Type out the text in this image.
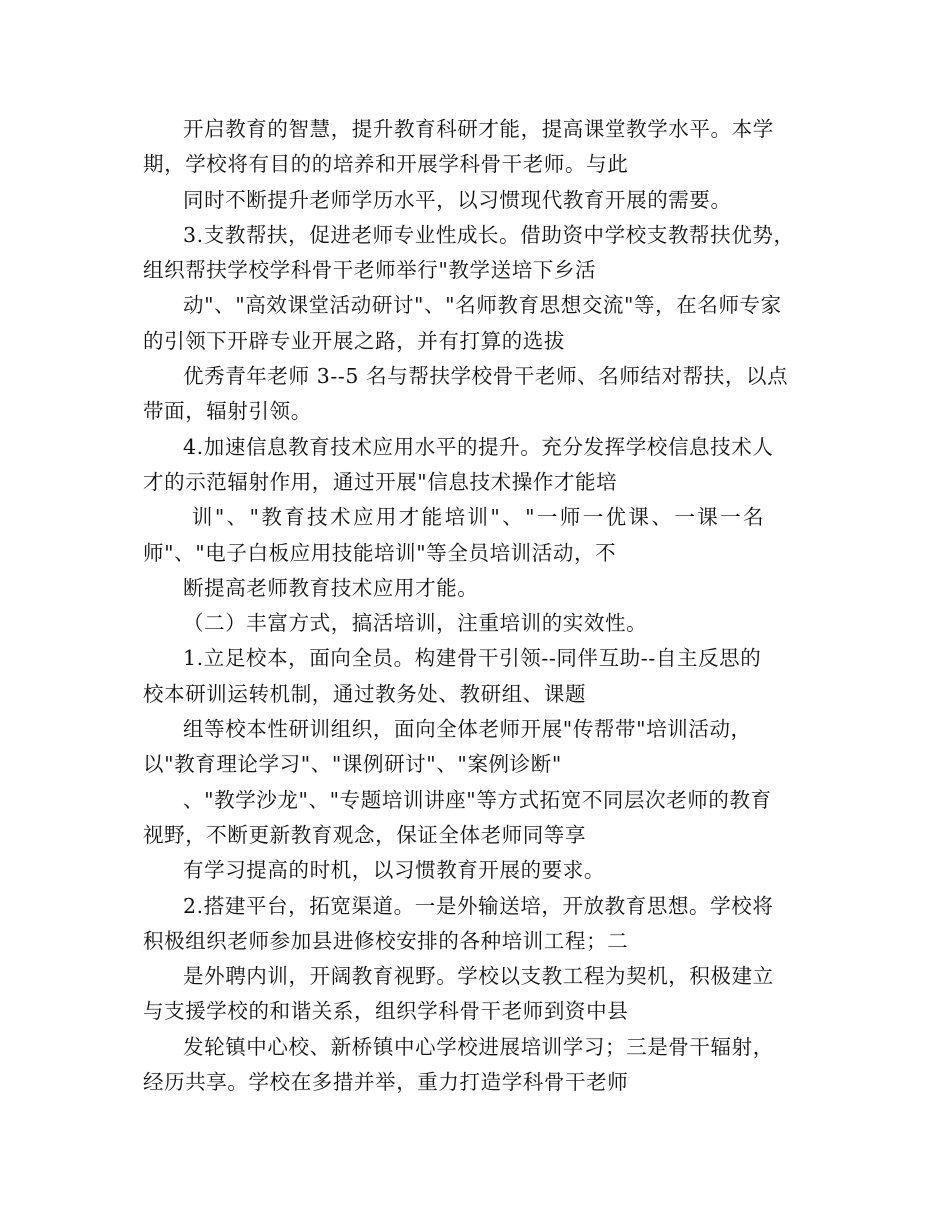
开启教育的智慧，提升教育科研才能，提高课堂教学水平。本学
期，学校将有目的的培养和开展学科骨干老师。与此
同时不断提升老师学历水平，以习惯现代教育开展的需要。
3.支教帮扶，促进老师专业性成长。借助资中学校支教帮扶优势，
组织帮扶学校学科骨干老师举行"教学送培下乡活
动"、"高效课堂活动研讨"、"名师教育思想交流"等，在名师专家
的引领下开辟专业开展之路，并有打算的选拔
优秀青年老师 3--5 名与帮扶学校骨干老师、名师结对帮扶，以点
带面，辐射引领。
4.加速信息教育技术应用水平的提升。充分发挥学校信息技术人
才的示范辐射作用，通过开展"信息技术操作才能培
训"、"教育技术应用才能培训"、"一师一优课、一课一名
师"、"电子白板应用技能培训"等全员培训活动，不
断提高老师教育技术应用才能。
（二）丰富方式，搞活培训，注重培训的实效性。
1.立足校本，面向全员。构建骨干引领--同伴互助--自主反思的
校本研训运转机制，通过教务处、教研组、课题
组等校本性研训组织，面向全体老师开展"传帮带"培训活动，
以"教育理论学习"、"课例研讨"、"案例诊断"
、"教学沙龙"、"专题培训讲座"等方式拓宽不同层次老师的教育
视野，不断更新教育观念，保证全体老师同等享
有学习提高的时机，以习惯教育开展的要求。
2.搭建平台，拓宽渠道。一是外输送培，开放教育思想。学校将
积极组织老师参加县进修校安排的各种培训工程；二
是外聘内训，开阔教育视野。学校以支教工程为契机，积极建立
与支援学校的和谐关系，组织学科骨干老师到资中县
发轮镇中心校、新桥镇中心学校进展培训学习；三是骨干辐射，
经历共享。学校在多措并举，重力打造学科骨干老师
